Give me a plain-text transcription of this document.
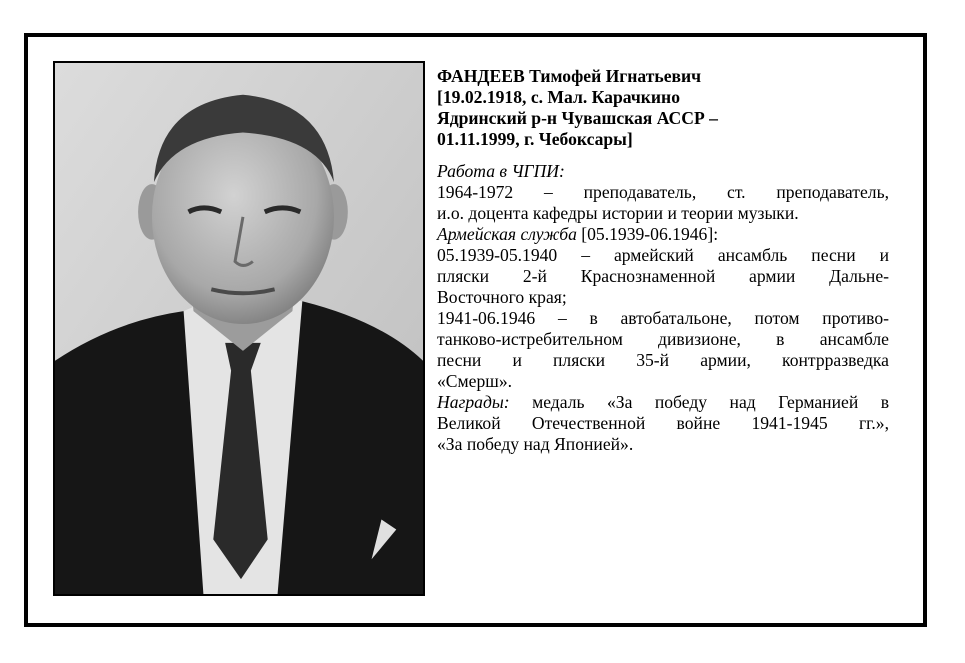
ФАНДЕЕВ Тимофей Игнатьевич
[19.02.1918, с. Мал. Карачкино
Ядринский р-н Чувашская АССР –
01.11.1999, г. Чебоксары]
Работа в ЧГПИ:
1964-1972 – преподаватель, ст. преподаватель,
и.о. доцента кафедры истории и теории музыки.
Армейская служба [05.1939-06.1946]:
05.1939-05.1940 – армейский ансамбль песни и
пляски 2-й Краснознаменной армии Дальне-
Восточного края;
1941-06.1946 – в автобатальоне, потом противо-
танково-истребительном дивизионе, в ансамбле
песни и пляски 35-й армии, контрразведка
«Смерш».
Награды: медаль «За победу над Германией в
Великой Отечественной войне 1941-1945 гг.»,
«За победу над Японией».
